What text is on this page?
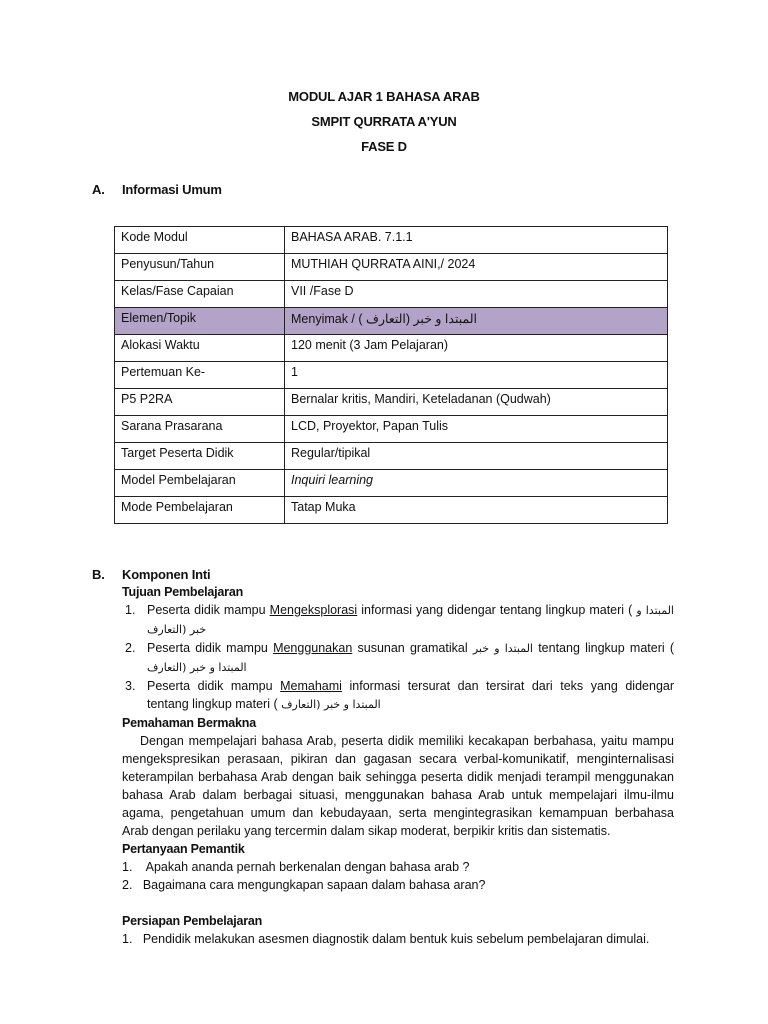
MODUL AJAR 1 BAHASA ARAB
SMPIT QURRATA A'YUN
FASE D
A. Informasi Umum
Kode Modul	BAHASA ARAB. 7.1.1
Penyusun/Tahun	MUTHIAH QURRATA AINI,/ 2024
Kelas/Fase Capaian	VII /Fase D
Elemen/Topik	Menyimak / ( المبتدا و خبر (التعارف
Alokasi Waktu	120 menit (3 Jam Pelajaran)
Pertemuan Ke-	1
P5 P2RA	Bernalar kritis, Mandiri, Keteladanan (Qudwah)
Sarana Prasarana	LCD, Proyektor, Papan Tulis
Target Peserta Didik	Regular/tipikal
Model Pembelajaran	Inquiri learning
Mode Pembelajaran	Tatap Muka
B. Komponen Inti
Tujuan Pembelajaran
1. Peserta didik mampu Mengeksplorasi informasi yang didengar tentang lingkup materi ( المبتدا و خبر (التعارف
2. Peserta didik mampu Menggunakan susunan gramatikal المبتدا و خبر tentang lingkup materi ( المبتدا و خبر (التعارف
3. Peserta didik mampu Memahami informasi tersurat dan tersirat dari teks yang didengar tentang lingkup materi ( المبتدا و خبر (التعارف
Pemahaman Bermakna
Dengan mempelajari bahasa Arab, peserta didik memiliki kecakapan berbahasa, yaitu mampu mengekspresikan perasaan, pikiran dan gagasan secara verbal-komunikatif, menginternalisasi keterampilan berbahasa Arab dengan baik sehingga peserta didik menjadi terampil menggunakan bahasa Arab dalam berbagai situasi, menggunakan bahasa Arab untuk mempelajari ilmu-ilmu agama, pengetahuan umum dan kebudayaan, serta mengintegrasikan kemampuan berbahasa Arab dengan perilaku yang tercermin dalam sikap moderat, berpikir kritis dan sistematis.
Pertanyaan Pemantik
1.    Apakah ananda pernah berkenalan dengan bahasa arab ?
2.   Bagaimana cara mengungkapan sapaan dalam bahasa aran?
Persiapan Pembelajaran
1.   Pendidik melakukan asesmen diagnostik dalam bentuk kuis sebelum pembelajaran dimulai.
